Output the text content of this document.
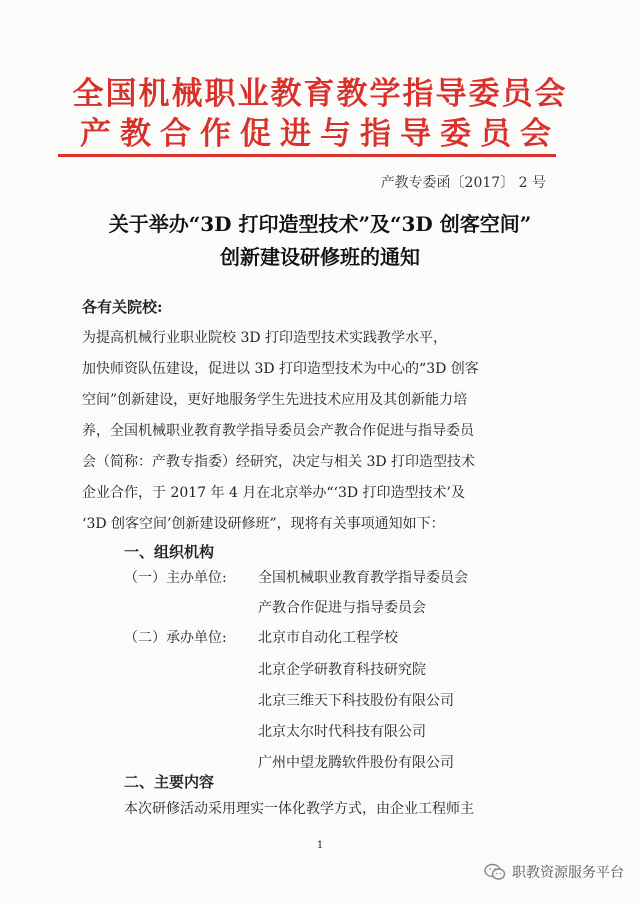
全国机械职业教育教学指导委员会
产教合作促进与指导委员会
产教专委函〔2017〕 2 号
关于举办“3D 打印造型技术”及“3D 创客空间”
创新建设研修班的通知
各有关院校:
为提高机械行业职业院校 3D 打印造型技术实践教学水平，
加快师资队伍建设，促进以 3D 打印造型技术为中心的“3D 创客
空间”创新建设，更好地服务学生先进技术应用及其创新能力培
养，全国机械职业教育教学指导委员会产教合作促进与指导委员
会（简称：产教专指委）经研究，决定与相关 3D 打印造型技术
企业合作，于 2017 年 4 月在北京举办“‘3D 打印造型技术’及
‘3D 创客空间’创新建设研修班”，现将有关事项通知如下：
一、组织机构
（一）主办单位: 全国机械职业教育教学指导委员会
产教合作促进与指导委员会
（二）承办单位: 北京市自动化工程学校
北京企学研教育科技研究院
北京三维天下科技股份有限公司
北京太尔时代科技有限公司
广州中望龙腾软件股份有限公司
二、主要内容
本次研修活动采用理实一体化教学方式，由企业工程师主
1
职教资源服务平台
